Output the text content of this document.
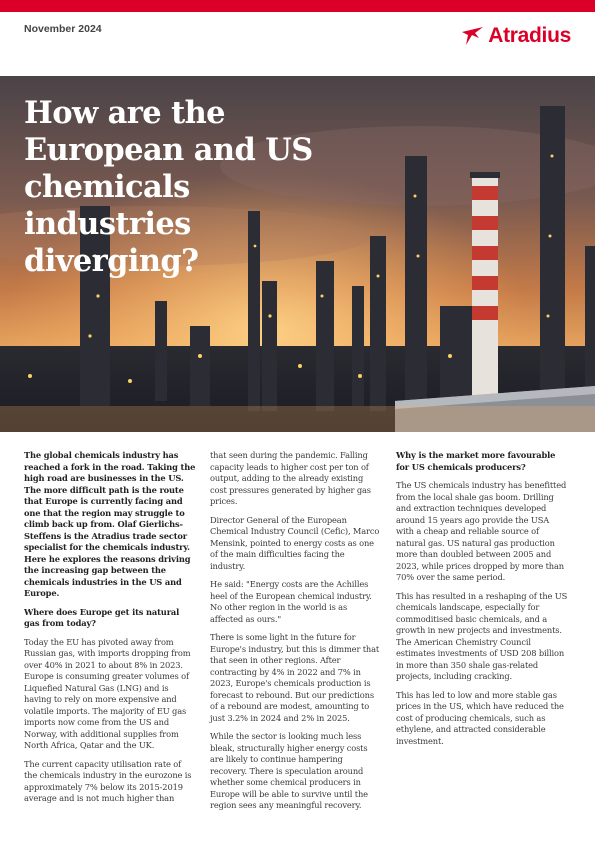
November 2024	Atradius
How are the European and US chemicals industries diverging?

The global chemicals industry has reached a fork in the road. Taking the high road are businesses in the US. The more difficult path is the route that Europe is currently facing and one that the region may struggle to climb back up from. Olaf Gierlichs-Steffens is the Atradius trade sector specialist for the chemicals industry. Here he explores the reasons driving the increasing gap between the chemicals industries in the US and Europe.

Where does Europe get its natural gas from today?

Today the EU has pivoted away from Russian gas, with imports dropping from over 40% in 2021 to about 8% in 2023. Europe is consuming greater volumes of Liquefied Natural Gas (LNG) and is having to rely on more expensive and volatile imports. The majority of EU gas imports now come from the US and Norway, with additional supplies from North Africa, Qatar and the UK.

The current capacity utilisation rate of the chemicals industry in the eurozone is approximately 7% below its 2015-2019 average and is not much higher than

that seen during the pandemic. Falling capacity leads to higher cost per ton of output, adding to the already existing cost pressures generated by higher gas prices.

Director General of the European Chemical Industry Council (Cefic), Marco Mensink, pointed to energy costs as one of the main difficulties facing the industry.

He said: "Energy costs are the Achilles heel of the European chemical industry. No other region in the world is as affected as ours."

There is some light in the future for Europe's industry, but this is dimmer that that seen in other regions. After contracting by 4% in 2022 and 7% in 2023, Europe's chemicals production is forecast to rebound. But our predictions of a rebound are modest, amounting to just 3.2% in 2024 and 2% in 2025.

While the sector is looking much less bleak, structurally higher energy costs are likely to continue hampering recovery. There is speculation around whether some chemical producers in Europe will be able to survive until the region sees any meaningful recovery.

Why is the market more favourable for US chemicals producers?

The US chemicals industry has benefitted from the local shale gas boom. Drilling and extraction techniques developed around 15 years ago provide the USA with a cheap and reliable source of natural gas. US natural gas production more than doubled between 2005 and 2023, while prices dropped by more than 70% over the same period.

This has resulted in a reshaping of the US chemicals landscape, especially for commoditised basic chemicals, and a growth in new projects and investments. The American Chemistry Council estimates investments of USD 208 billion in more than 350 shale gas-related projects, including cracking.

This has led to low and more stable gas prices in the US, which have reduced the cost of producing chemicals, such as ethylene, and attracted considerable investment.
